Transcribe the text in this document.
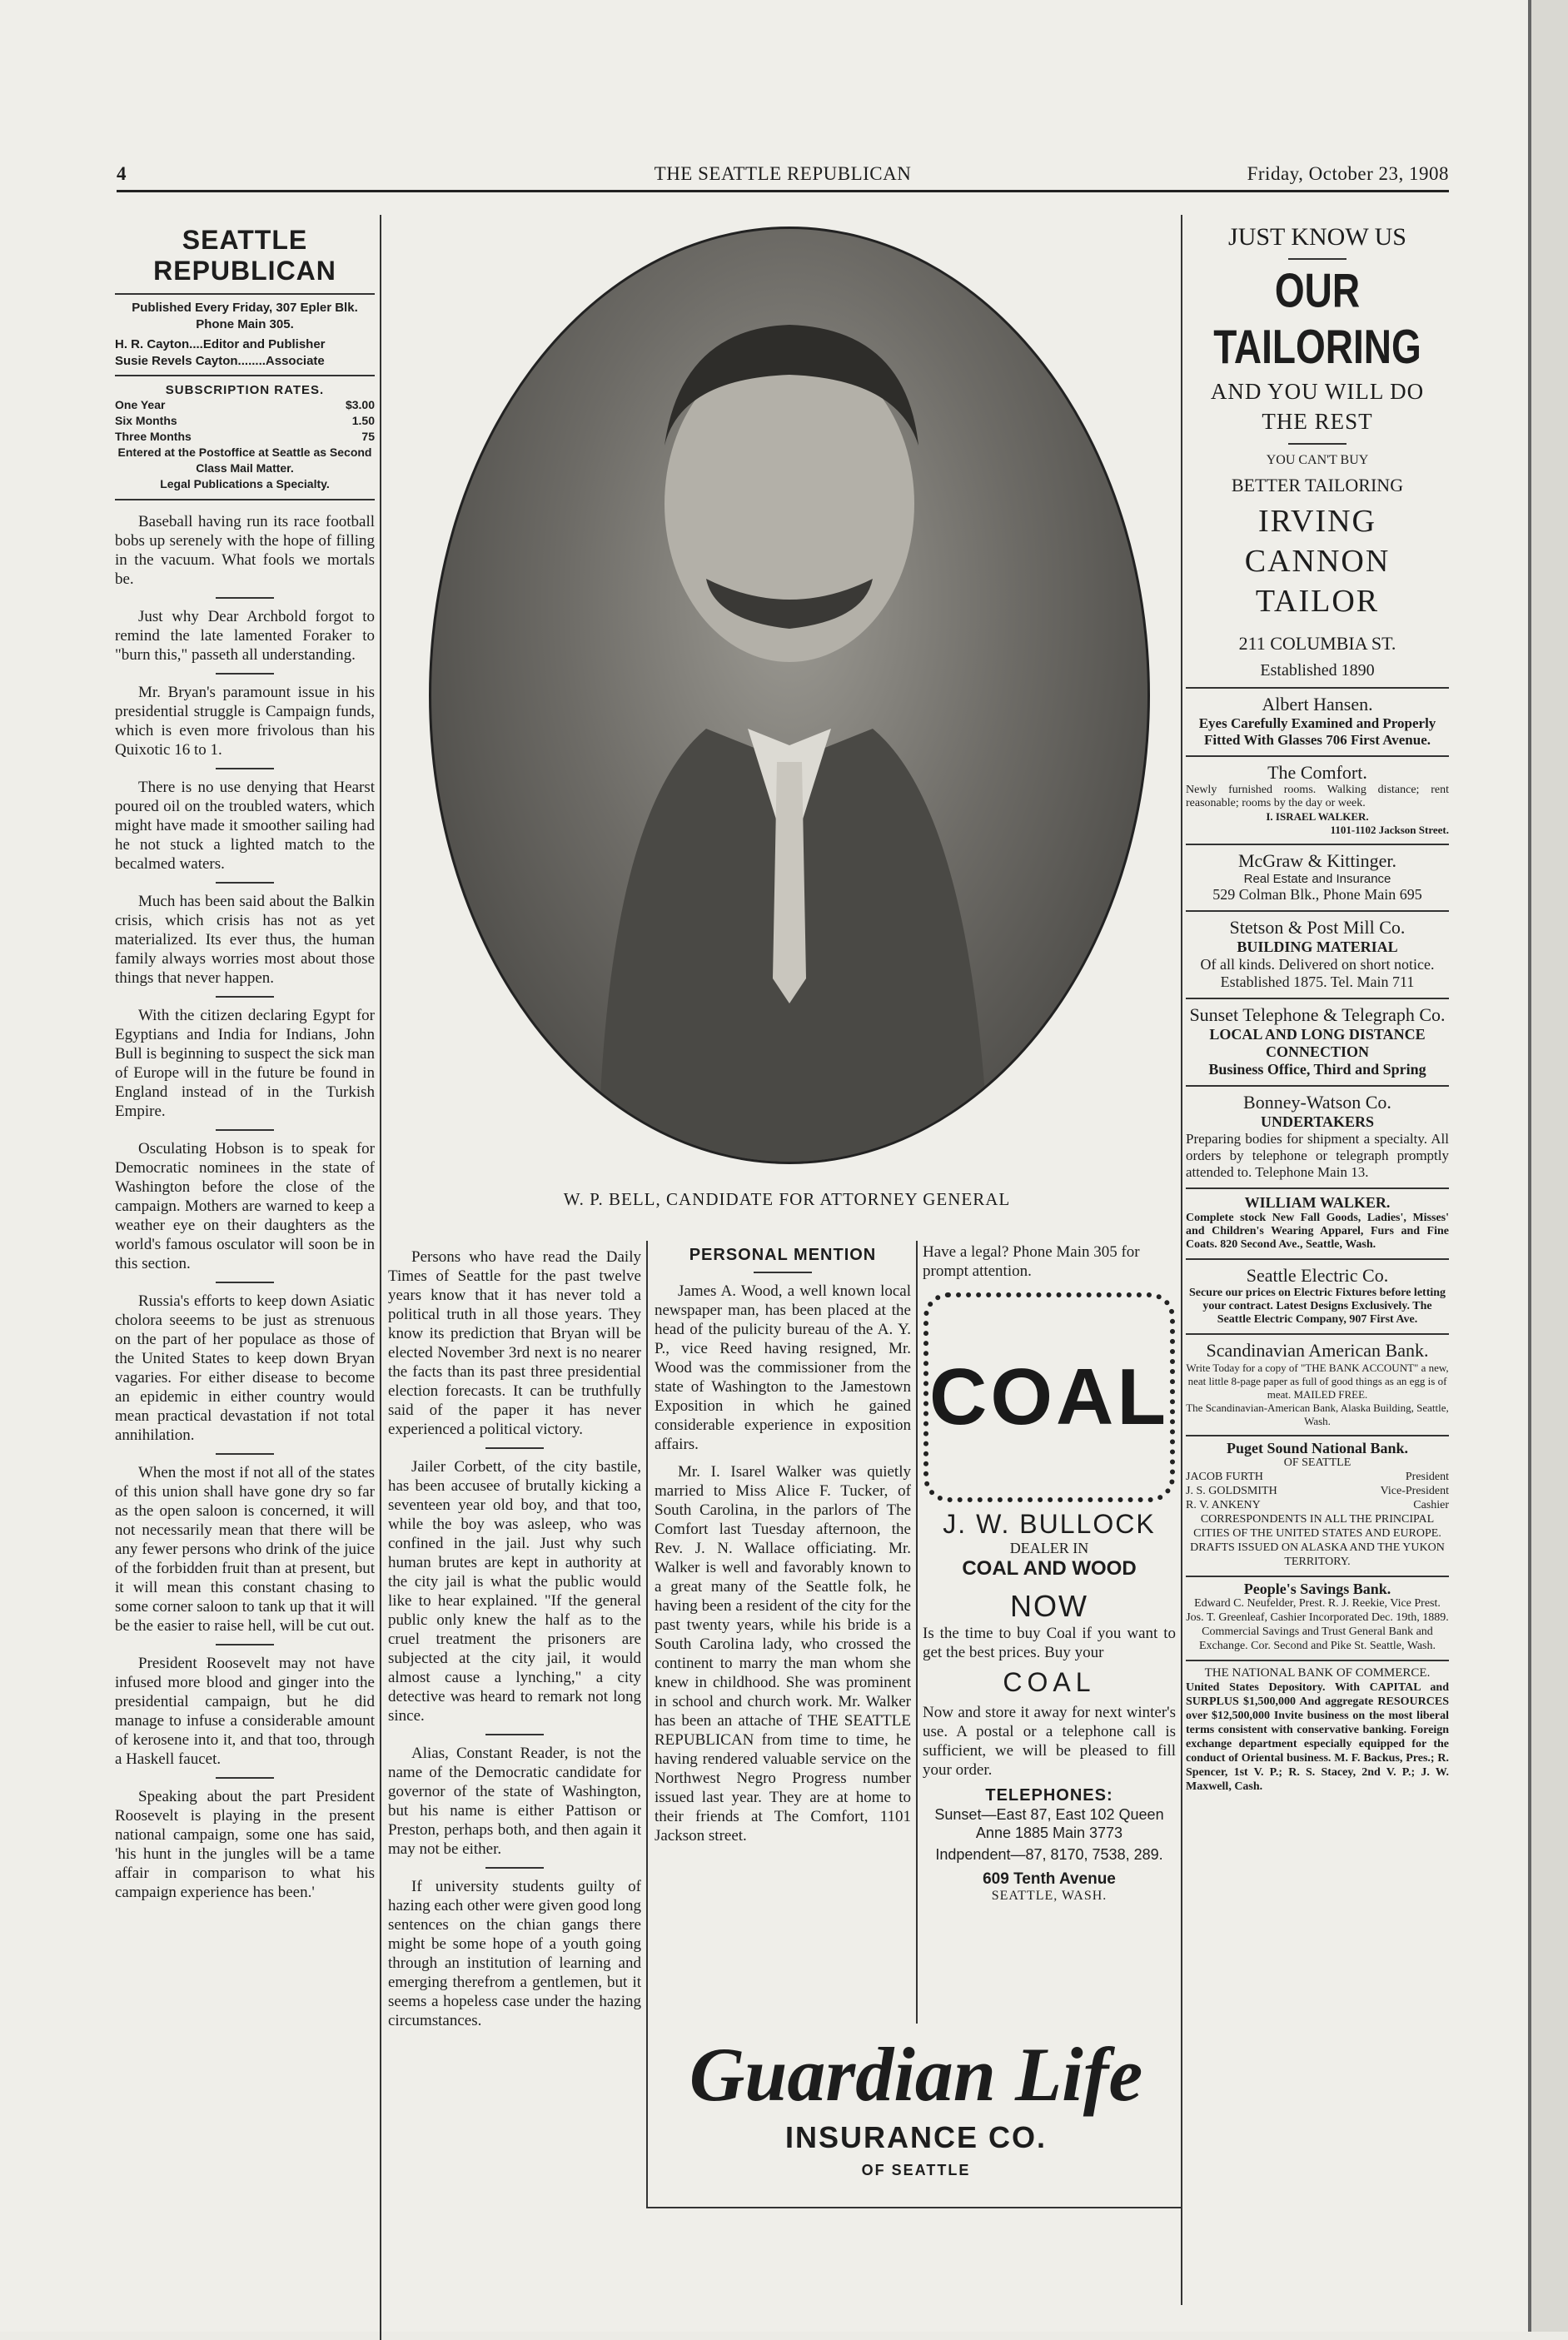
4	THE SEATTLE REPUBLICAN	Friday, October 23, 1908
SEATTLE REPUBLICAN
Published Every Friday, 307 Epler Blk. Phone Main 305.
H. R. Cayton....Editor and Publisher
Susie Revels Cayton........Associate
SUBSCRIPTION RATES.
One Year	$3.00
Six Months	1.50
Three Months	75
Entered at the Postoffice at Seattle as Second Class Mail Matter.
Legal Publications a Specialty.

Baseball having run its race football bobs up serenely with the hope of filling in the vacuum. What fools we mortals be.

Just why Dear Archbold forgot to remind the late lamented Foraker to "burn this," passeth all understanding.

Mr. Bryan's paramount issue in his presidential struggle is Campaign funds, which is even more frivolous than his Quixotic 16 to 1.

There is no use denying that Hearst poured oil on the troubled waters, which might have made it smoother sailing had he not stuck a lighted match to the becalmed waters.

Much has been said about the Balkin crisis, which crisis has not as yet materialized. Its ever thus, the human family always worries most about those things that never happen.

With the citizen declaring Egypt for Egyptians and India for Indians, John Bull is beginning to suspect the sick man of Europe will in the future be found in England instead of in the Turkish Empire.

Osculating Hobson is to speak for Democratic nominees in the state of Washington before the close of the campaign. Mothers are warned to keep a weather eye on their daughters as the world's famous osculator will soon be in this section.

Russia's efforts to keep down Asiatic cholora seeems to be just as strenuous on the part of her populace as those of the United States to keep down Bryan vagaries. For either disease to become an epidemic in either country would mean practical devastation if not total annihilation.

When the most if not all of the states of this union shall have gone dry so far as the open saloon is concerned, it will not necessarily mean that there will be any fewer persons who drink of the juice of the forbidden fruit than at present, but it will mean this constant chasing to some corner saloon to tank up that it will be the easier to raise hell, will be cut out.

President Roosevelt may not have infused more blood and ginger into the presidential campaign, but he did manage to infuse a considerable amount of kerosene into it, and that too, through a Haskell faucet.

Speaking about the part President Roosevelt is playing in the present national campaign, some one has said, 'his hunt in the jungles will be a tame affair in comparison to what his campaign experience has been.'

W. P. BELL, CANDIDATE FOR ATTORNEY GENERAL

Persons who have read the Daily Times of Seattle for the past twelve years know that it has never told a political truth in all those years. They know its prediction that Bryan will be elected November 3rd next is no nearer the facts than its past three presidential election forecasts. It can be truthfully said of the paper it has never experienced a political victory.

Jailer Corbett, of the city bastile, has been accusee of brutally kicking a seventeen year old boy, and that too, while the boy was asleep, who was confined in the jail. Just why such human brutes are kept in authority at the city jail is what the public would like to hear explained. "If the general public only knew the half as to the cruel treatment the prisoners are subjected at the city jail, it would almost cause a lynching," a city detective was heard to remark not long since.

Alias, Constant Reader, is not the name of the Democratic candidate for governor of the state of Washington, but his name is either Pattison or Preston, perhaps both, and then again it may not be either.

If university students guilty of hazing each other were given good long sentences on the chian gangs there might be some hope of a youth going through an institution of learning and emerging therefrom a gentlemen, but it seems a hopeless case under the hazing circumstances.

PERSONAL MENTION

James A. Wood, a well known local newspaper man, has been placed at the head of the pulicity bureau of the A. Y. P., vice Reed having resigned, Mr. Wood was the commissioner from the state of Washington to the Jamestown Exposition in which he gained considerable experience in exposition affairs.

Mr. I. Isarel Walker was quietly married to Miss Alice F. Tucker, of South Carolina, in the parlors of The Comfort last Tuesday afternoon, the Rev. J. N. Wallace officiating. Mr. Walker is well and favorably known to a great many of the Seattle folk, he having been a resident of the city for the past twenty years, while his bride is a South Carolina lady, who crossed the continent to marry the man whom she knew in childhood. She was prominent in school and church work. Mr. Walker has been an attache of THE SEATTLE REPUBLICAN from time to time, he having rendered valuable service on the Northwest Negro Progress number issued last year. They are at home to their friends at The Comfort, 1101 Jackson street.

Have a legal? Phone Main 305 for prompt attention.
COAL
J. W. BULLOCK
DEALER IN
COAL AND WOOD
NOW
Is the time to buy Coal if you want to get the best prices. Buy your
COAL
Now and store it away for next winter's use. A postal or a telephone call is sufficient, we will be pleased to fill your order.
TELEPHONES:
Sunset—East 87, East 102 Queen Anne 1885 Main 3773
Indpendent—87, 8170, 7538, 289.
609 Tenth Avenue
SEATTLE, WASH.
Guardian Life
INSURANCE CO.
OF SEATTLE
JUST KNOW US
OUR TAILORING
AND YOU WILL DO THE REST
YOU CAN'T BUY
BETTER TAILORING
IRVING CANNON TAILOR
211 COLUMBIA ST.
Established 1890
Albert Hansen.
Eyes Carefully Examined and Properly Fitted With Glasses 706 First Avenue.
The Comfort.
Newly furnished rooms. Walking distance; rent reasonable; rooms by the day or week.
I. ISRAEL WALKER.
1101-1102 Jackson Street.
McGraw & Kittinger.
Real Estate and Insurance
529 Colman Blk., Phone Main 695
Stetson & Post Mill Co.
BUILDING MATERIAL
Of all kinds. Delivered on short notice.
Established 1875. Tel. Main 711
Sunset Telephone & Telegraph Co.
LOCAL AND LONG DISTANCE CONNECTION
Business Office, Third and Spring
Bonney-Watson Co.
UNDERTAKERS
Preparing bodies for shipment a specialty. All orders by telephone or telegraph promptly attended to. Telephone Main 13.
WILLIAM WALKER.
Complete stock New Fall Goods, Ladies', Misses' and Children's Wearing Apparel, Furs and Fine Coats. 820 Second Ave., Seattle, Wash.
Seattle Electric Co.
Secure our prices on Electric Fixtures before letting your contract. Latest Designs Exclusively. The Seattle Electric Company, 907 First Ave.
Scandinavian American Bank.
Write Today for a copy of "THE BANK ACCOUNT" a new, neat little 8-page paper as full of good things as an egg is of meat. MAILED FREE.
The Scandinavian-American Bank, Alaska Building, Seattle, Wash.
Puget Sound National Bank.
OF SEATTLE
JACOB FURTH	President
J. S. GOLDSMITH	Vice-President
R. V. ANKENY	Cashier
CORRESPONDENTS IN ALL THE PRINCIPAL CITIES OF THE UNITED STATES AND EUROPE. DRAFTS ISSUED ON ALASKA AND THE YUKON TERRITORY.
People's Savings Bank.
Edward C. Neufelder, Prest. R. J. Reekie, Vice Prest. Jos. T. Greenleaf, Cashier Incorporated Dec. 19th, 1889. Commercial Savings and Trust General Bank and Exchange. Cor. Second and Pike St. Seattle, Wash.
THE NATIONAL BANK OF COMMERCE.
United States Depository. With CAPITAL and SURPLUS $1,500,000 And aggregate RESOURCES over $12,500,000 Invite business on the most liberal terms consistent with conservative banking. Foreign exchange department especially equipped for the conduct of Oriental business. M. F. Backus, Pres.; R. Spencer, 1st V. P.; R. S. Stacey, 2nd V. P.; J. W. Maxwell, Cash.
